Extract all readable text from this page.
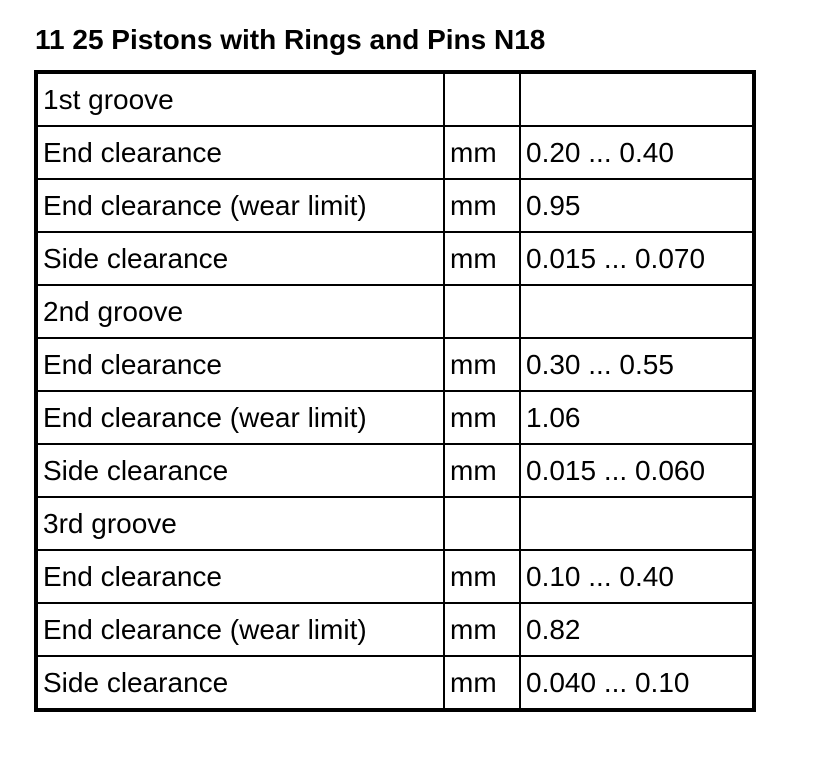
11 25 Pistons with Rings and Pins N18
1st groove		
End clearance	mm	0.20 ... 0.40
End clearance (wear limit)	mm	0.95
Side clearance	mm	0.015 ... 0.070
2nd groove		
End clearance	mm	0.30 ... 0.55
End clearance (wear limit)	mm	1.06
Side clearance	mm	0.015 ... 0.060
3rd groove		
End clearance	mm	0.10 ... 0.40
End clearance (wear limit)	mm	0.82
Side clearance	mm	0.040 ... 0.10
